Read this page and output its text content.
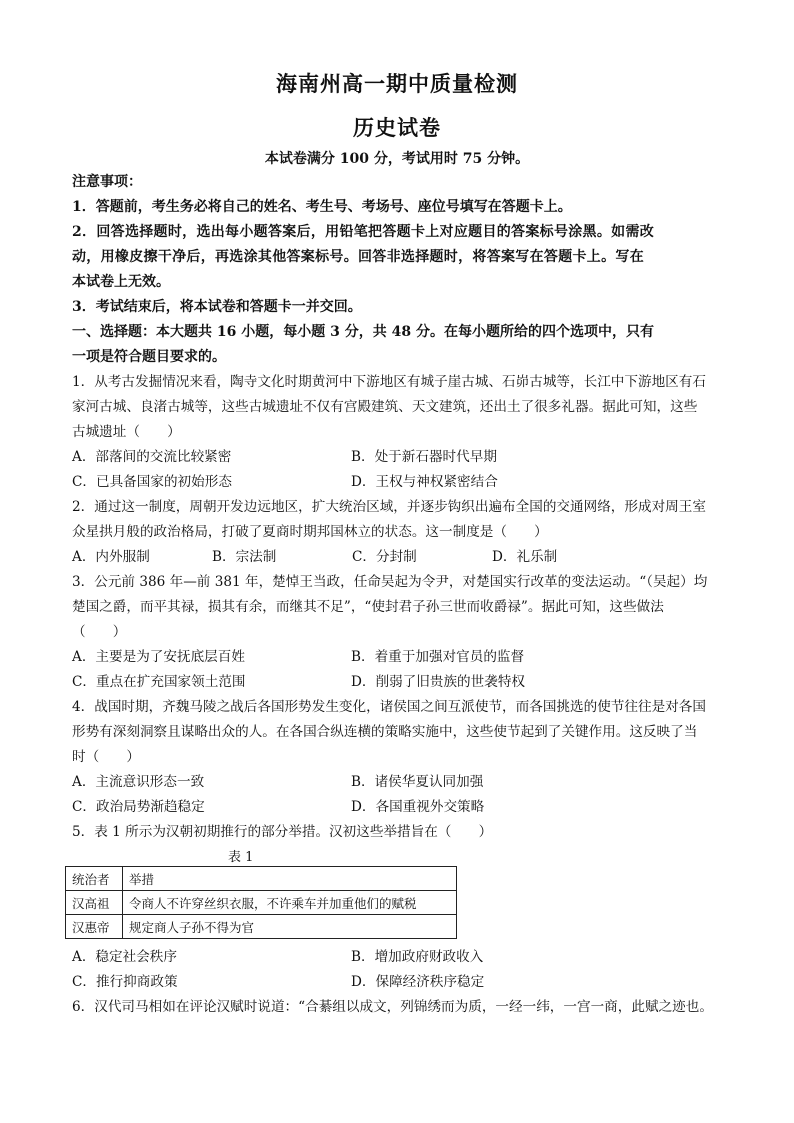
海南州高一期中质量检测
历史试卷
本试卷满分 100 分，考试用时 75 分钟。
注意事项：
1．答题前，考生务必将自己的姓名、考生号、考场号、座位号填写在答题卡上。
2．回答选择题时，选出每小题答案后，用铅笔把答题卡上对应题目的答案标号涂黑。如需改
动，用橡皮擦干净后，再选涂其他答案标号。回答非选择题时，将答案写在答题卡上。写在
本试卷上无效。
3．考试结束后，将本试卷和答题卡一并交回。
一、选择题：本大题共 16 小题，每小题 3 分，共 48 分。在每小题所给的四个选项中，只有
一项是符合题目要求的。
1．从考古发掘情况来看，陶寺文化时期黄河中下游地区有城子崖古城、石峁古城等，长江中下游地区有石
家河古城、良渚古城等，这些古城遗址不仅有宫殿建筑、天文建筑，还出土了很多礼器。据此可知，这些
古城遗址（　　）
A．部落间的交流比较紧密	B．处于新石器时代早期
C．已具备国家的初始形态	D．王权与神权紧密结合
2．通过这一制度，周朝开发边远地区，扩大统治区域，并逐步钩织出遍布全国的交通网络，形成对周王室
众星拱月般的政治格局，打破了夏商时期邦国林立的状态。这一制度是（　　）
A．内外服制	B．宗法制	C．分封制	D．礼乐制
3．公元前 386 年—前 381 年，楚悼王当政，任命吴起为令尹，对楚国实行改革的变法运动。“（吴起）均
楚国之爵，而平其禄，损其有余，而继其不足”，“使封君子孙三世而收爵禄”。据此可知，这些做法
（　　）
A．主要是为了安抚底层百姓	B．着重于加强对官员的监督
C．重点在扩充国家领土范围	D．削弱了旧贵族的世袭特权
4．战国时期，齐魏马陵之战后各国形势发生变化，诸侯国之间互派使节，而各国挑选的使节往往是对各国
形势有深刻洞察且谋略出众的人。在各国合纵连横的策略实施中，这些使节起到了关键作用。这反映了当
时（　　）
A．主流意识形态一致	B．诸侯华夏认同加强
C．政治局势渐趋稳定	D．各国重视外交策略
5．表 1 所示为汉朝初期推行的部分举措。汉初这些举措旨在（　　）
表 1
统治者	举措
汉高祖	令商人不许穿丝织衣服，不许乘车并加重他们的赋税
汉惠帝	规定商人子孙不得为官
A．稳定社会秩序	B．增加政府财政收入
C．推行抑商政策	D．保障经济秩序稳定
6．汉代司马相如在评论汉赋时说道：“合綦组以成文，列锦绣而为质，一经一纬，一宫一商，此赋之迹也。
